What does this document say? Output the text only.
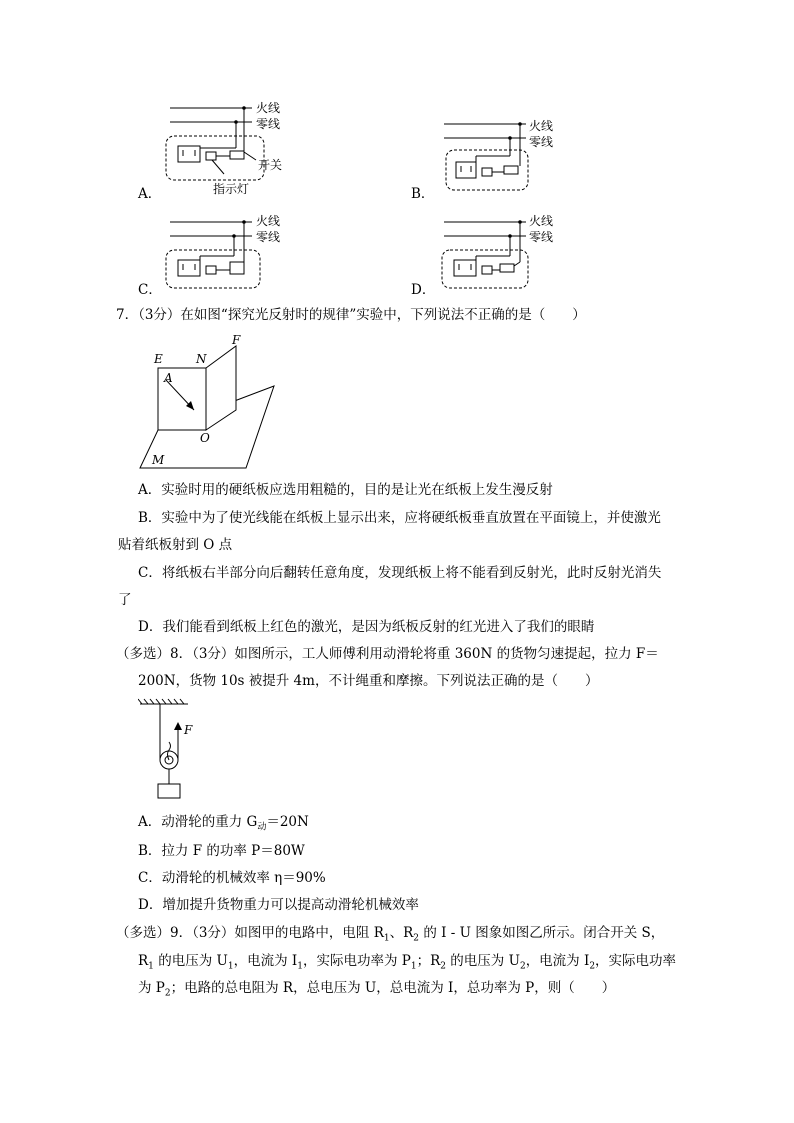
火线
零线
开关
指示灯
A．
火线
零线
B．
火线
零线
C．
火线
零线
D．
7．（3分）在如图“探究光反射时的规律”实验中，下列说法不正确的是（　　）
E	N
F
A
O
M
A．实验时用的硬纸板应选用粗糙的，目的是让光在纸板上发生漫反射
B．实验中为了使光线能在纸板上显示出来，应将硬纸板垂直放置在平面镜上，并使激光
贴着纸板射到 O 点
C．将纸板右半部分向后翻转任意角度，发现纸板上将不能看到反射光，此时反射光消失
了
D．我们能看到纸板上红色的激光，是因为纸板反射的红光进入了我们的眼睛
（多选）8．（3分）如图所示，工人师傅利用动滑轮将重 360N 的货物匀速提起，拉力 F＝
200N，货物 10s 被提升 4m，不计绳重和摩擦。下列说法正确的是（　　）
F
A．动滑轮的重力 $G_动=20N$
B．拉力 F 的功率 P＝80W
C．动滑轮的机械效率 η＝90%
D．增加提升货物重力可以提高动滑轮机械效率
（多选）9．（3分）如图甲的电路中，电阻 $R_1$、$R_2$ 的 I - U 图象如图乙所示。闭合开关 S，
$R_1$ 的电压为 $U_1$，电流为 $I_1$，实际电功率为 $P_1$；$R_2$ 的电压为 $U_2$，电流为 $I_2$，实际电功率
为 $P_2$；电路的总电阻为 R，总电压为 U，总电流为 I，总功率为 P，则（　　）
